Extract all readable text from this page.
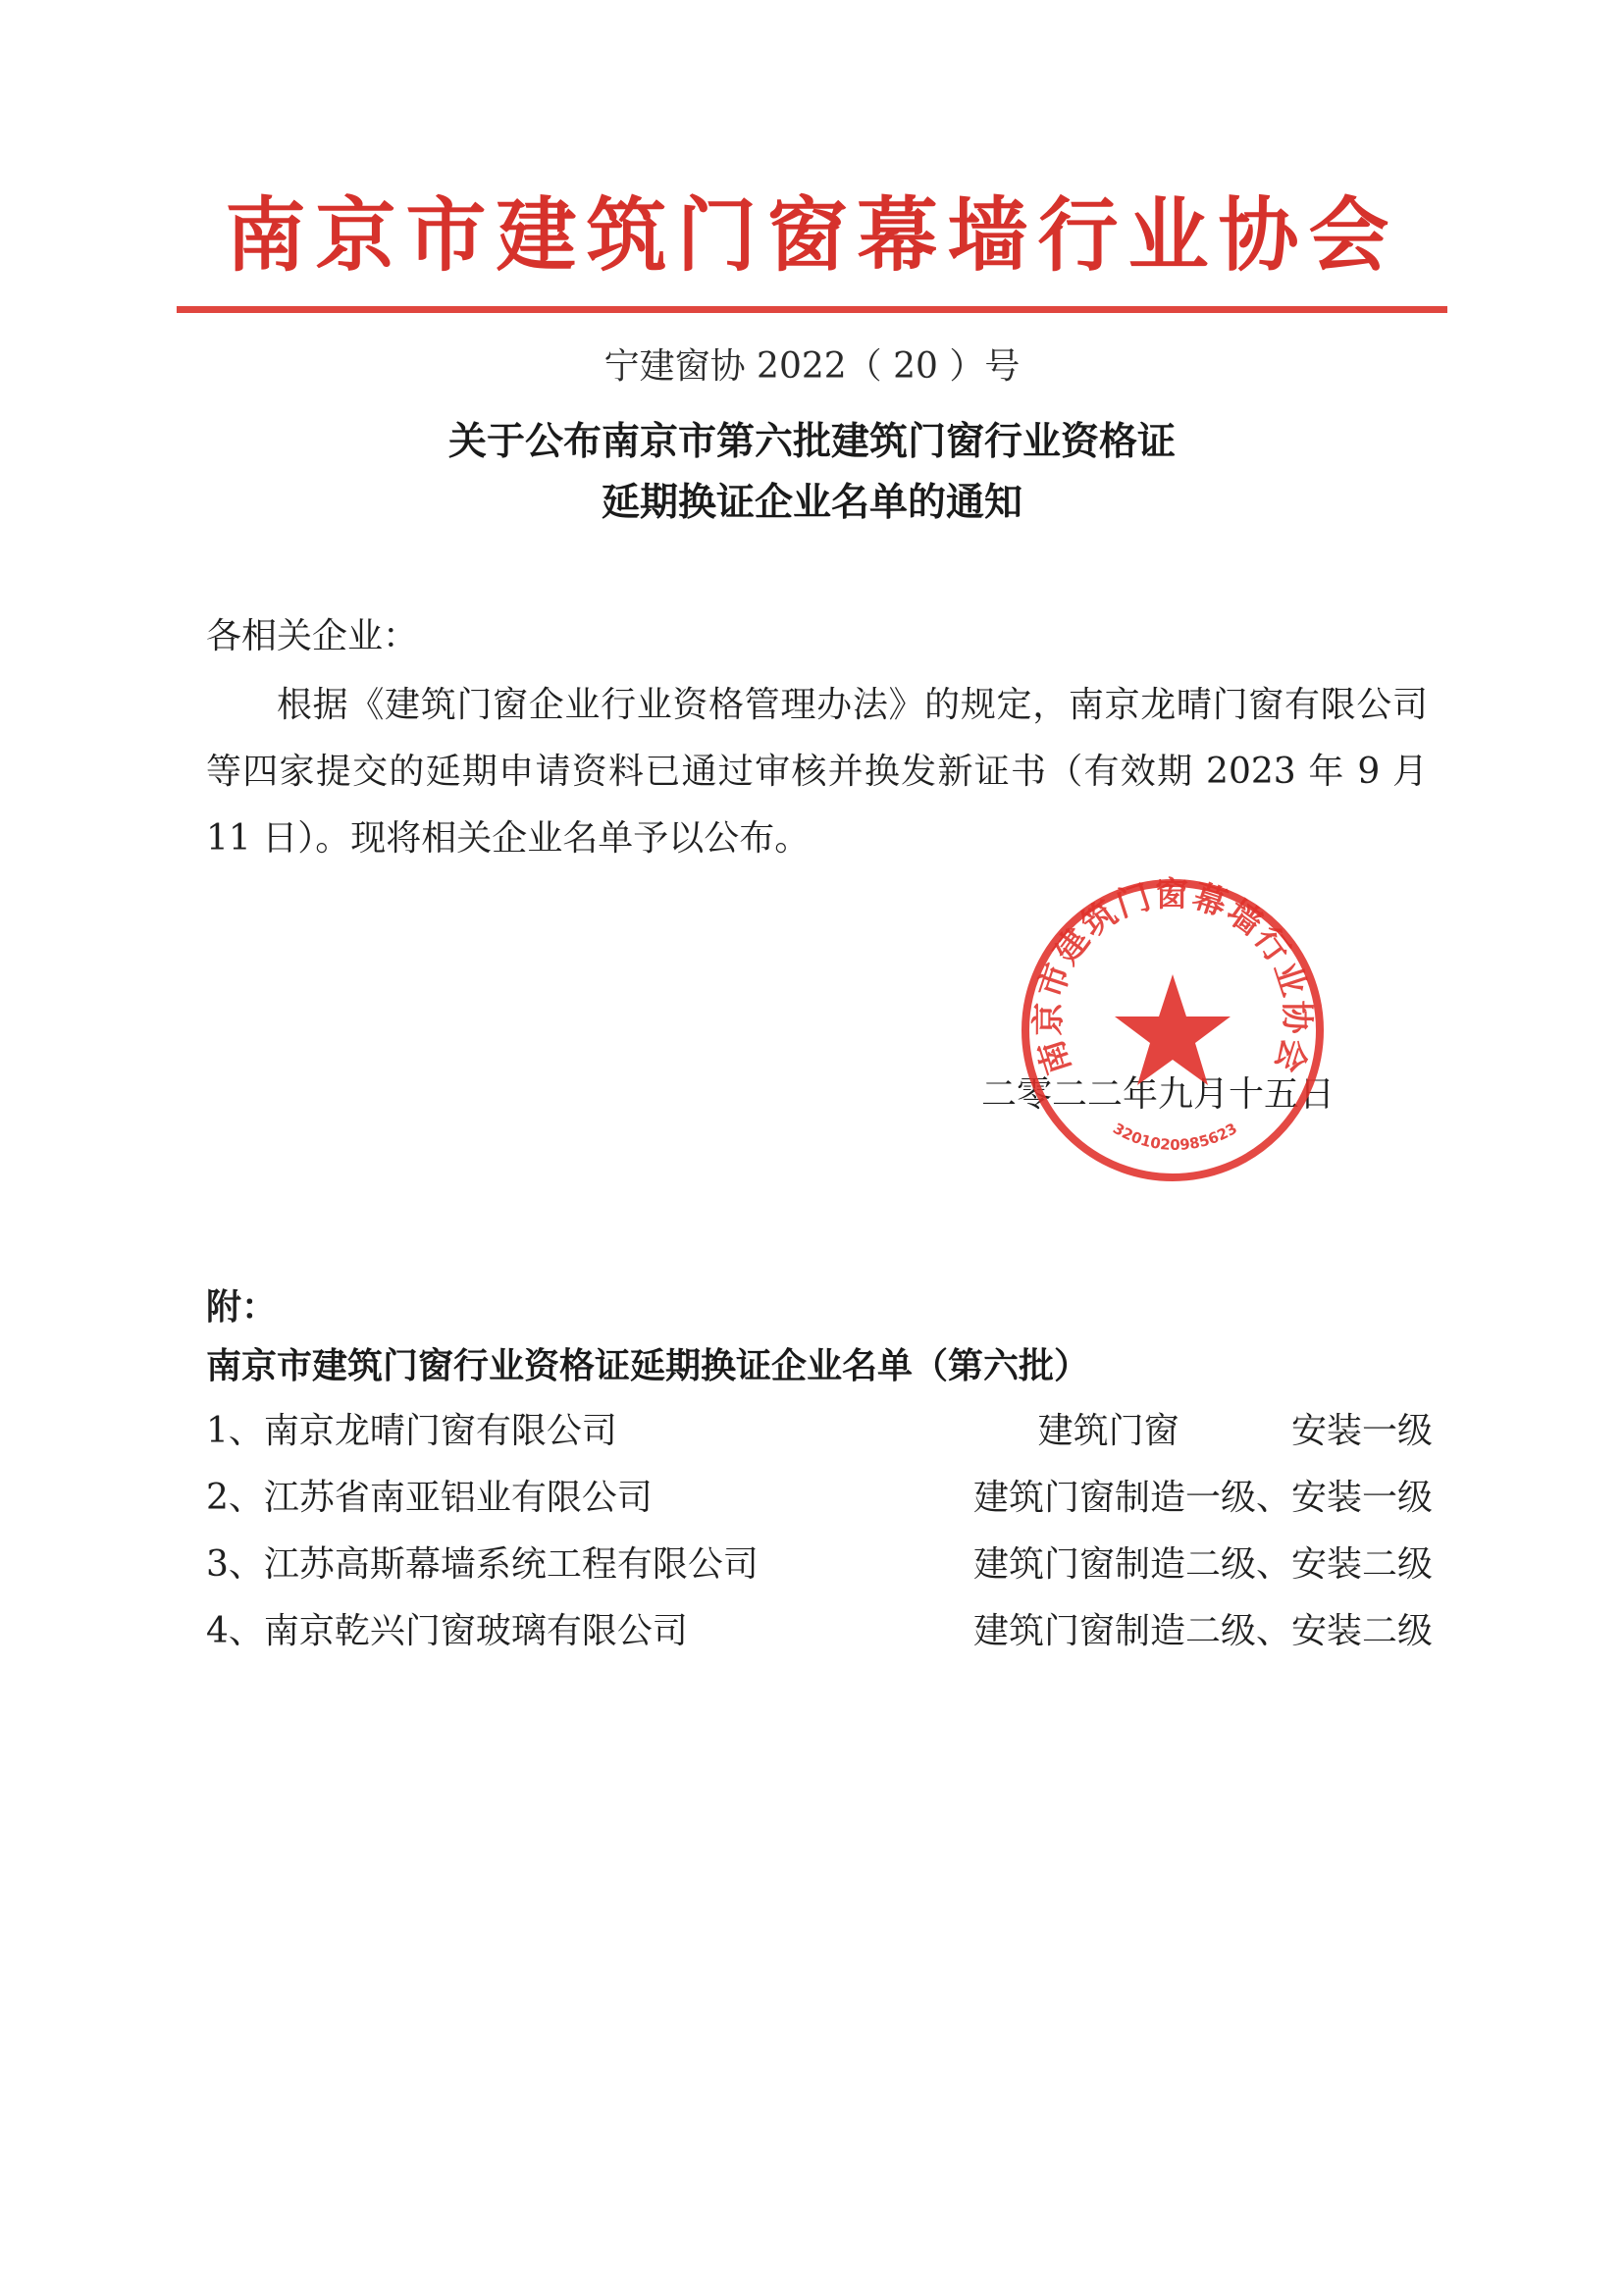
南京市建筑门窗幕墙行业协会
宁建窗协 2022（ 20 ）号
关于公布南京市第六批建筑门窗行业资格证
延期换证企业名单的通知
各相关企业：
根据《建筑门窗企业行业资格管理办法》的规定，南京龙晴门窗有限公司等四家提交的延期申请资料已通过审核并换发新证书（有效期 2023 年 9 月 11 日）。现将相关企业名单予以公布。
二零二二年九月十五日
南京市建筑门窗幕墙行业协会
3201020985623
附：
南京市建筑门窗行业资格证延期换证企业名单（第六批）
1、南京龙晴门窗有限公司	建筑门窗          安装一级
2、江苏省南亚铝业有限公司	建筑门窗制造一级、安装一级
3、江苏高斯幕墙系统工程有限公司	建筑门窗制造二级、安装二级
4、南京乾兴门窗玻璃有限公司	建筑门窗制造二级、安装二级
